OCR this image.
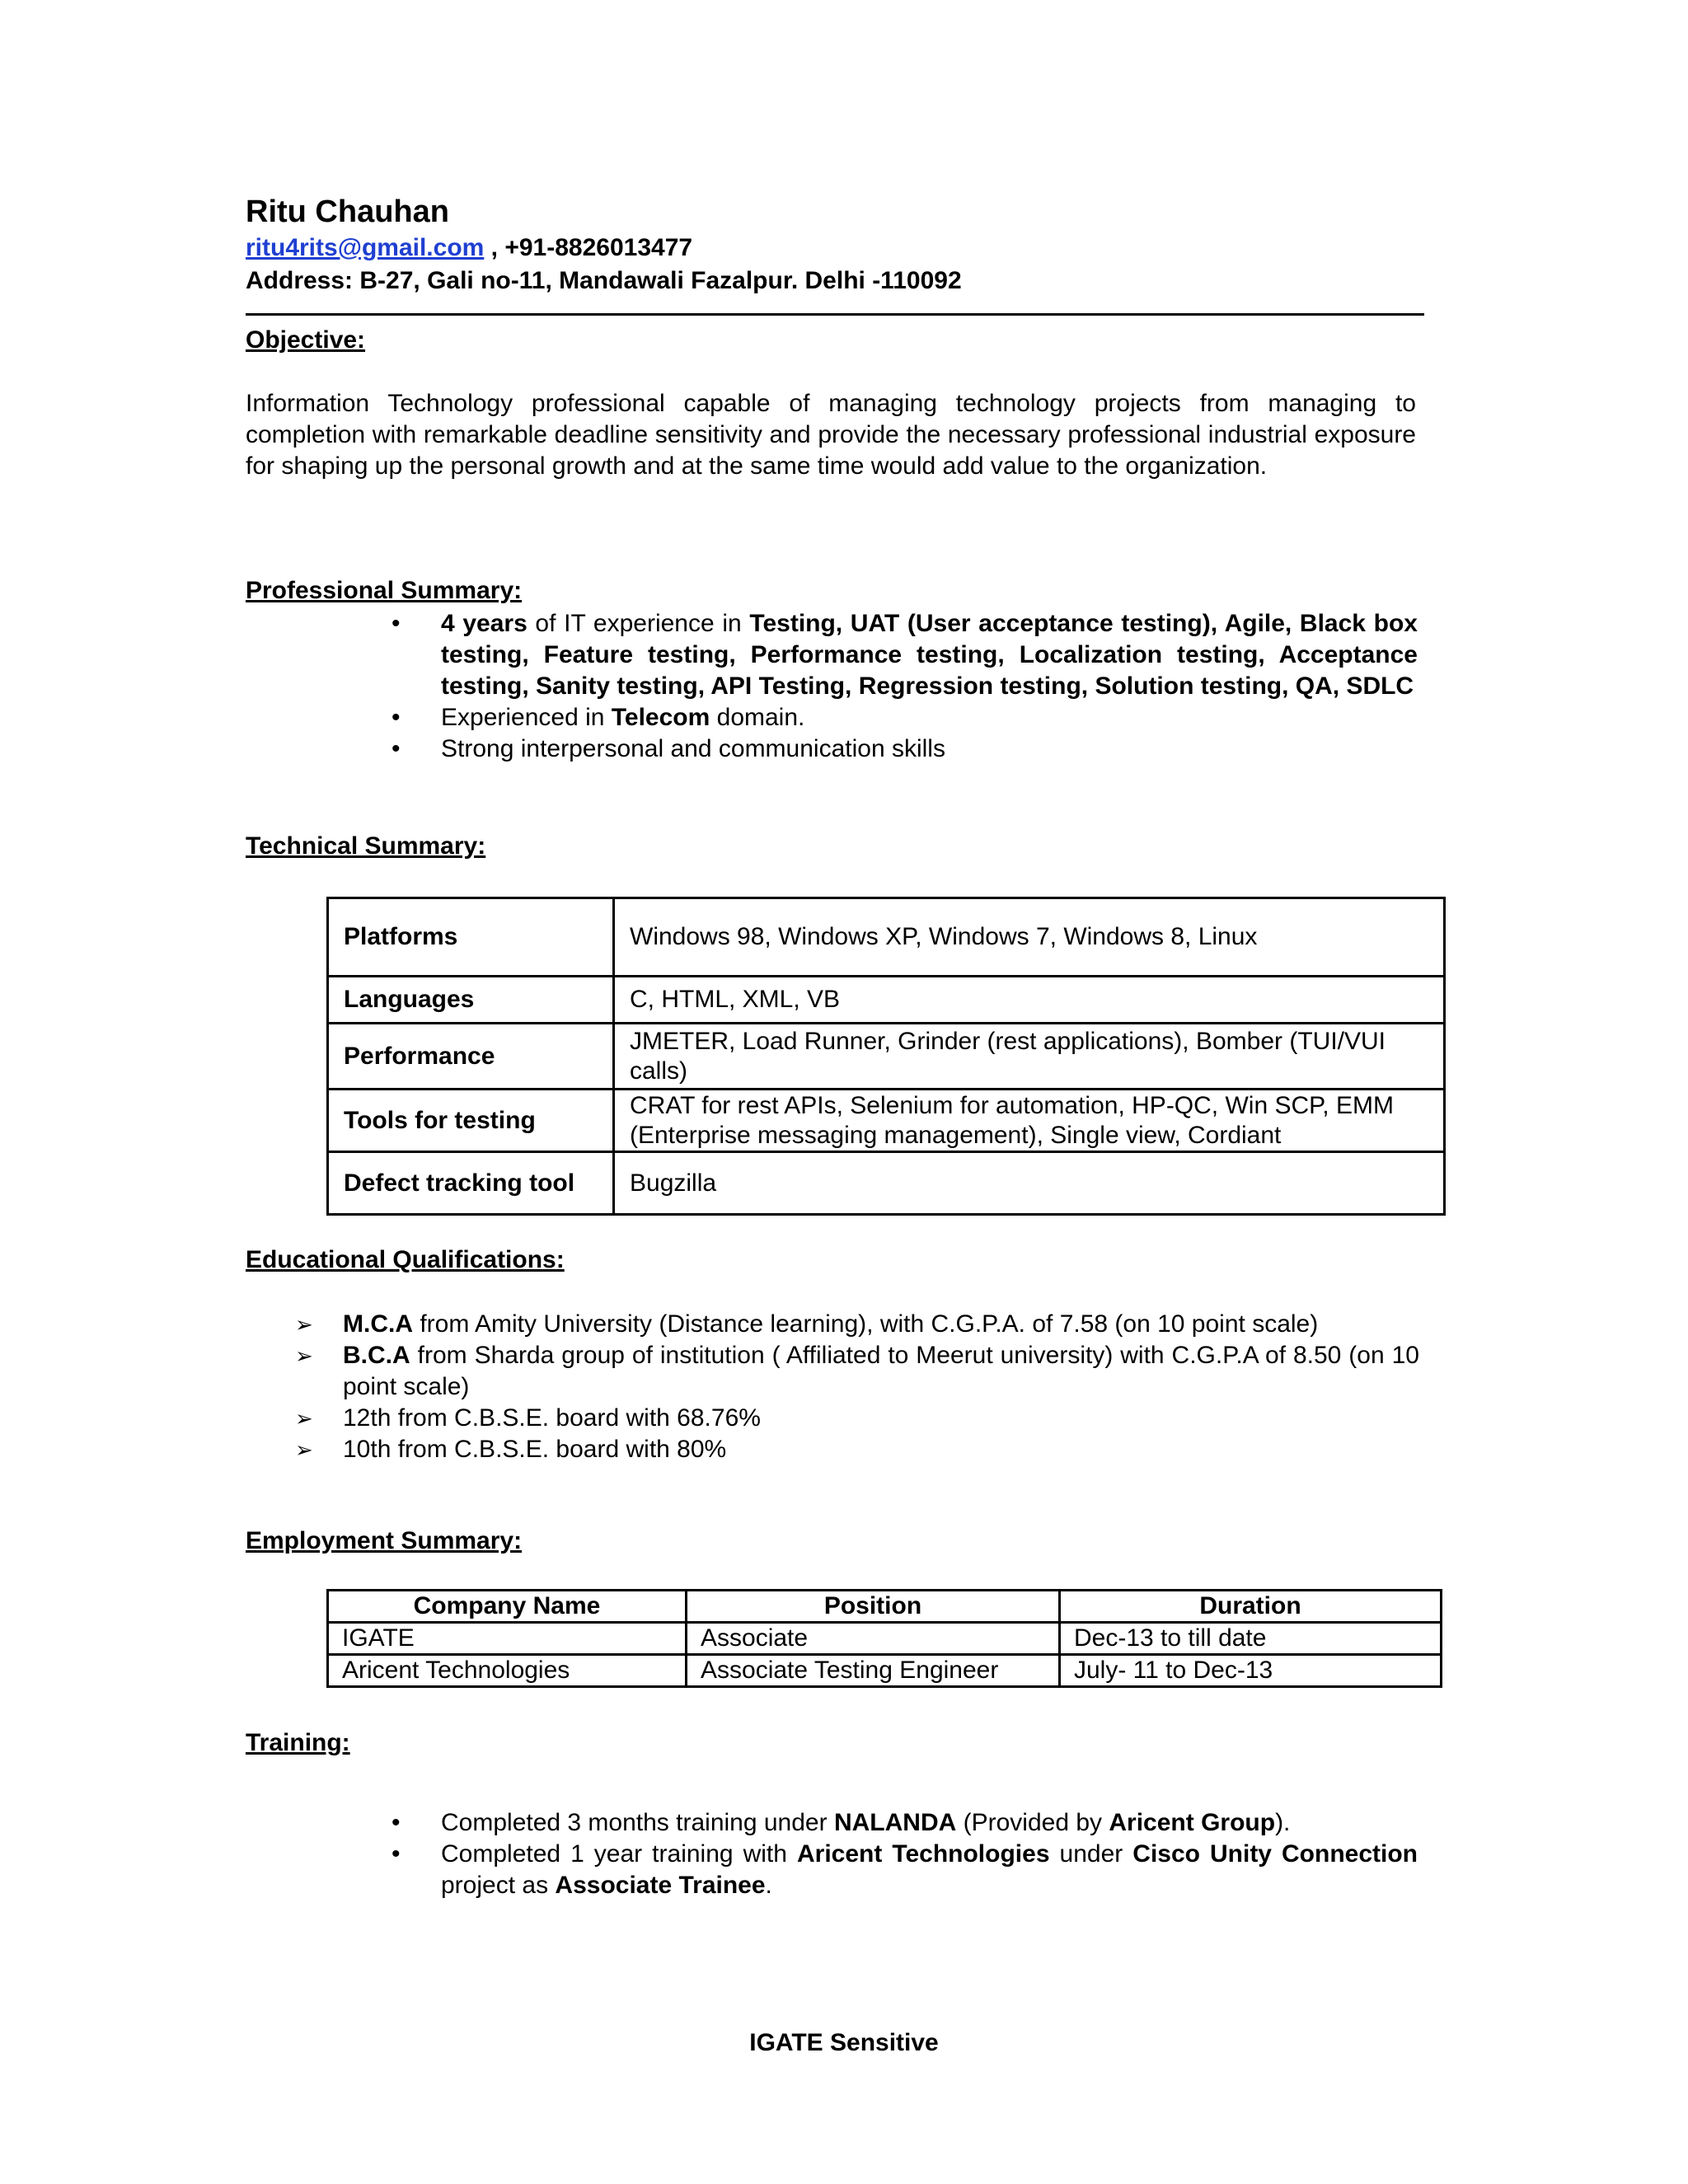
Ritu Chauhan
ritu4rits@gmail.com , +91-8826013477
Address: B-27, Gali no-11, Mandawali Fazalpur. Delhi -110092
Objective:

Information Technology professional capable of managing technology projects from managing to completion with remarkable deadline sensitivity and provide the necessary professional industrial exposure for shaping up the personal growth and at the same time would add value to the organization.

Professional Summary:
• 4 years of IT experience in Testing, UAT (User acceptance testing), Agile, Black box testing, Feature testing, Performance testing, Localization testing, Acceptance testing, Sanity testing, API Testing, Regression testing, Solution testing, QA, SDLC
• Experienced in Telecom domain.
• Strong interpersonal and communication skills
Technical Summary:
Platforms	Windows 98, Windows XP, Windows 7, Windows 8, Linux
Languages	C, HTML, XML, VB
Performance	JMETER, Load Runner, Grinder (rest applications), Bomber (TUI/VUI calls)
Tools for testing	CRAT for rest APIs, Selenium for automation, HP-QC, Win SCP, EMM (Enterprise messaging management), Single view, Cordiant
Defect tracking tool	Bugzilla
Educational Qualifications:
➢ M.C.A from Amity University (Distance learning), with C.G.P.A. of 7.58 (on 10 point scale)
➢ B.C.A from Sharda group of institution ( Affiliated to Meerut university) with C.G.P.A of 8.50 (on 10 point scale)
➢ 12th from C.B.S.E. board with 68.76%
➢ 10th from C.B.S.E. board with 80%
Employment Summary:
Company Name	Position	Duration
IGATE	Associate	Dec-13 to till date
Aricent Technologies	Associate Testing Engineer	July- 11 to Dec-13
Training:
• Completed 3 months training under NALANDA (Provided by Aricent Group).
• Completed 1 year training with Aricent Technologies under Cisco Unity Connection project as Associate Trainee.
IGATE Sensitive
